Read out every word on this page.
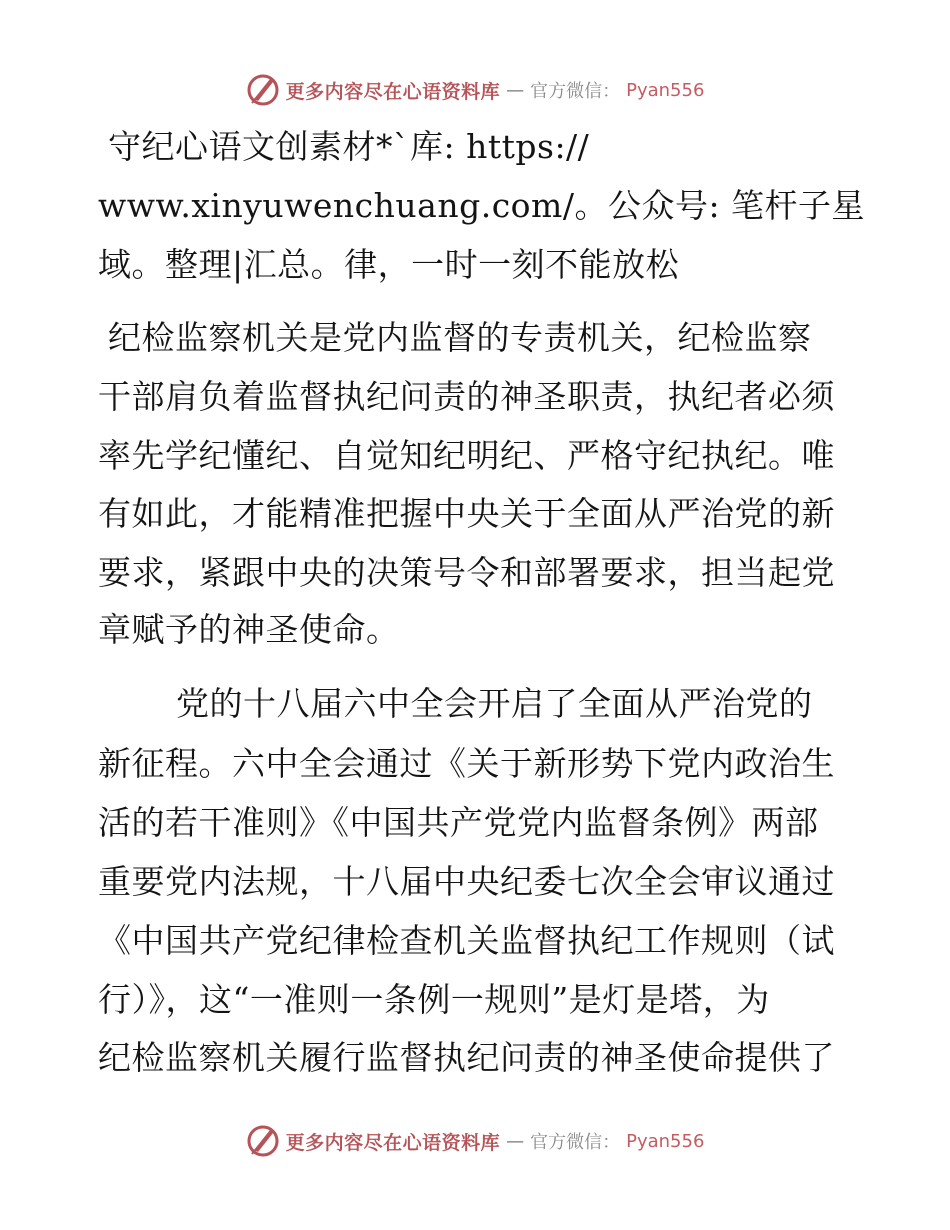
更多内容尽在心语资料库 — 官方微信： Pyan556
守纪心语文创素材*`库: https://
www.xinyuwenchuang.com/。公众号: 笔杆子星
域。整理|汇总。律，一时一刻不能放松
纪检监察机关是党内监督的专责机关，纪检监察
干部肩负着监督执纪问责的神圣职责，执纪者必须
率先学纪懂纪、自觉知纪明纪、严格守纪执纪。唯
有如此，才能精准把握中央关于全面从严治党的新
要求，紧跟中央的决策号令和部署要求，担当起党
章赋予的神圣使命。
党的十八届六中全会开启了全面从严治党的
新征程。六中全会通过《关于新形势下党内政治生
活的若干准则》《中国共产党党内监督条例》两部
重要党内法规，十八届中央纪委七次全会审议通过
《中国共产党纪律检查机关监督执纪工作规则（试
行）》，这“一准则一条例一规则”是灯是塔，为
纪检监察机关履行监督执纪问责的神圣使命提供了
更多内容尽在心语资料库 — 官方微信： Pyan556
